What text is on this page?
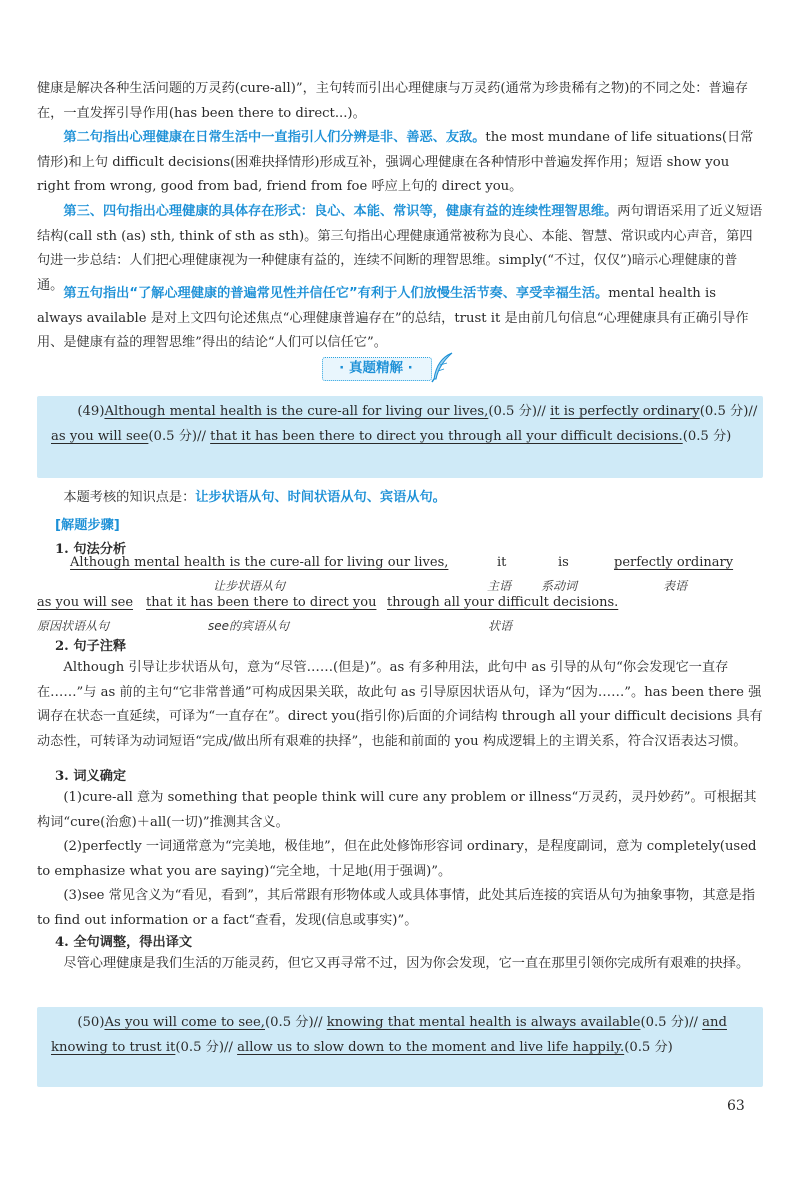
健康是解决各种生活问题的万灵药(cure-all)”，主句转而引出心理健康与万灵药(通常为珍贵稀有之物)的不同之处：普遍存在，一直发挥引导作用(has been there to direct...)。

第二句指出心理健康在日常生活中一直指引人们分辨是非、善恶、友敌。the most mundane of life situations(日常情形)和上句 difficult decisions(困难抉择情形)形成互补，强调心理健康在各种情形中普遍发挥作用；短语 show you right from wrong, good from bad, friend from foe 呼应上句的 direct you。

第三、四句指出心理健康的具体存在形式：良心、本能、常识等，健康有益的连续性理智思维。两句谓语采用了近义短语结构(call sth (as) sth, think of sth as sth)。第三句指出心理健康通常被称为良心、本能、智慧、常识或内心声音，第四句进一步总结：人们把心理健康视为一种健康有益的，连续不间断的理智思维。simply(“不过，仅仅”)暗示心理健康的普通。

第五句指出“了解心理健康的普遍常见性并信任它”有利于人们放慢生活节奏、享受幸福生活。mental health is always available 是对上文四句论述焦点“心理健康普遍存在”的总结，trust it 是由前几句信息“心理健康具有正确引导作用、是健康有益的理智思维”得出的结论“人们可以信任它”。

· 真题精解 ·
(49)Although mental health is the cure-all for living our lives,(0.5 分)// it is perfectly ordinary(0.5 分)// as you will see(0.5 分)// that it has been there to direct you through all your difficult decisions.(0.5 分)

本题考核的知识点是：让步状语从句、时间状语从句、宾语从句。

[解题步骤]
1. 句法分析
Although mental health is the cure-all for living our lives,
让步状语从句
it
主语
is
系动词
perfectly ordinary
表语
as you will see
原因状语从句
that it has been there to direct you
see的宾语从句
through all your difficult decisions.
状语
2. 句子注释

Although 引导让步状语从句，意为“尽管……(但是)”。as 有多种用法，此句中 as 引导的从句“你会发现它一直存在……”与 as 前的主句“它非常普通”可构成因果关联，故此句 as 引导原因状语从句，译为“因为……”。has been there 强调存在状态一直延续，可译为“一直存在”。direct you(指引你)后面的介词结构 through all your difficult decisions 具有动态性，可转译为动词短语“完成/做出所有艰难的抉择”，也能和前面的 you 构成逻辑上的主谓关系，符合汉语表达习惯。

3. 词义确定

(1)cure-all 意为 something that people think will cure any problem or illness“万灵药，灵丹妙药”。可根据其构词“cure(治愈)＋all(一切)”推测其含义。

(2)perfectly 一词通常意为“完美地，极佳地”，但在此处修饰形容词 ordinary，是程度副词，意为 completely(used to emphasize what you are saying)“完全地，十足地(用于强调)”。

(3)see 常见含义为“看见，看到”，其后常跟有形物体或人或具体事情，此处其后连接的宾语从句为抽象事物，其意是指 to find out information or a fact“查看，发现(信息或事实)”。

4. 全句调整，得出译文

尽管心理健康是我们生活的万能灵药，但它又再寻常不过，因为你会发现，它一直在那里引领你完成所有艰难的抉择。

(50)As you will come to see,(0.5 分)// knowing that mental health is always available(0.5 分)// and knowing to trust it(0.5 分)// allow us to slow down to the moment and live life happily.(0.5 分)
63
